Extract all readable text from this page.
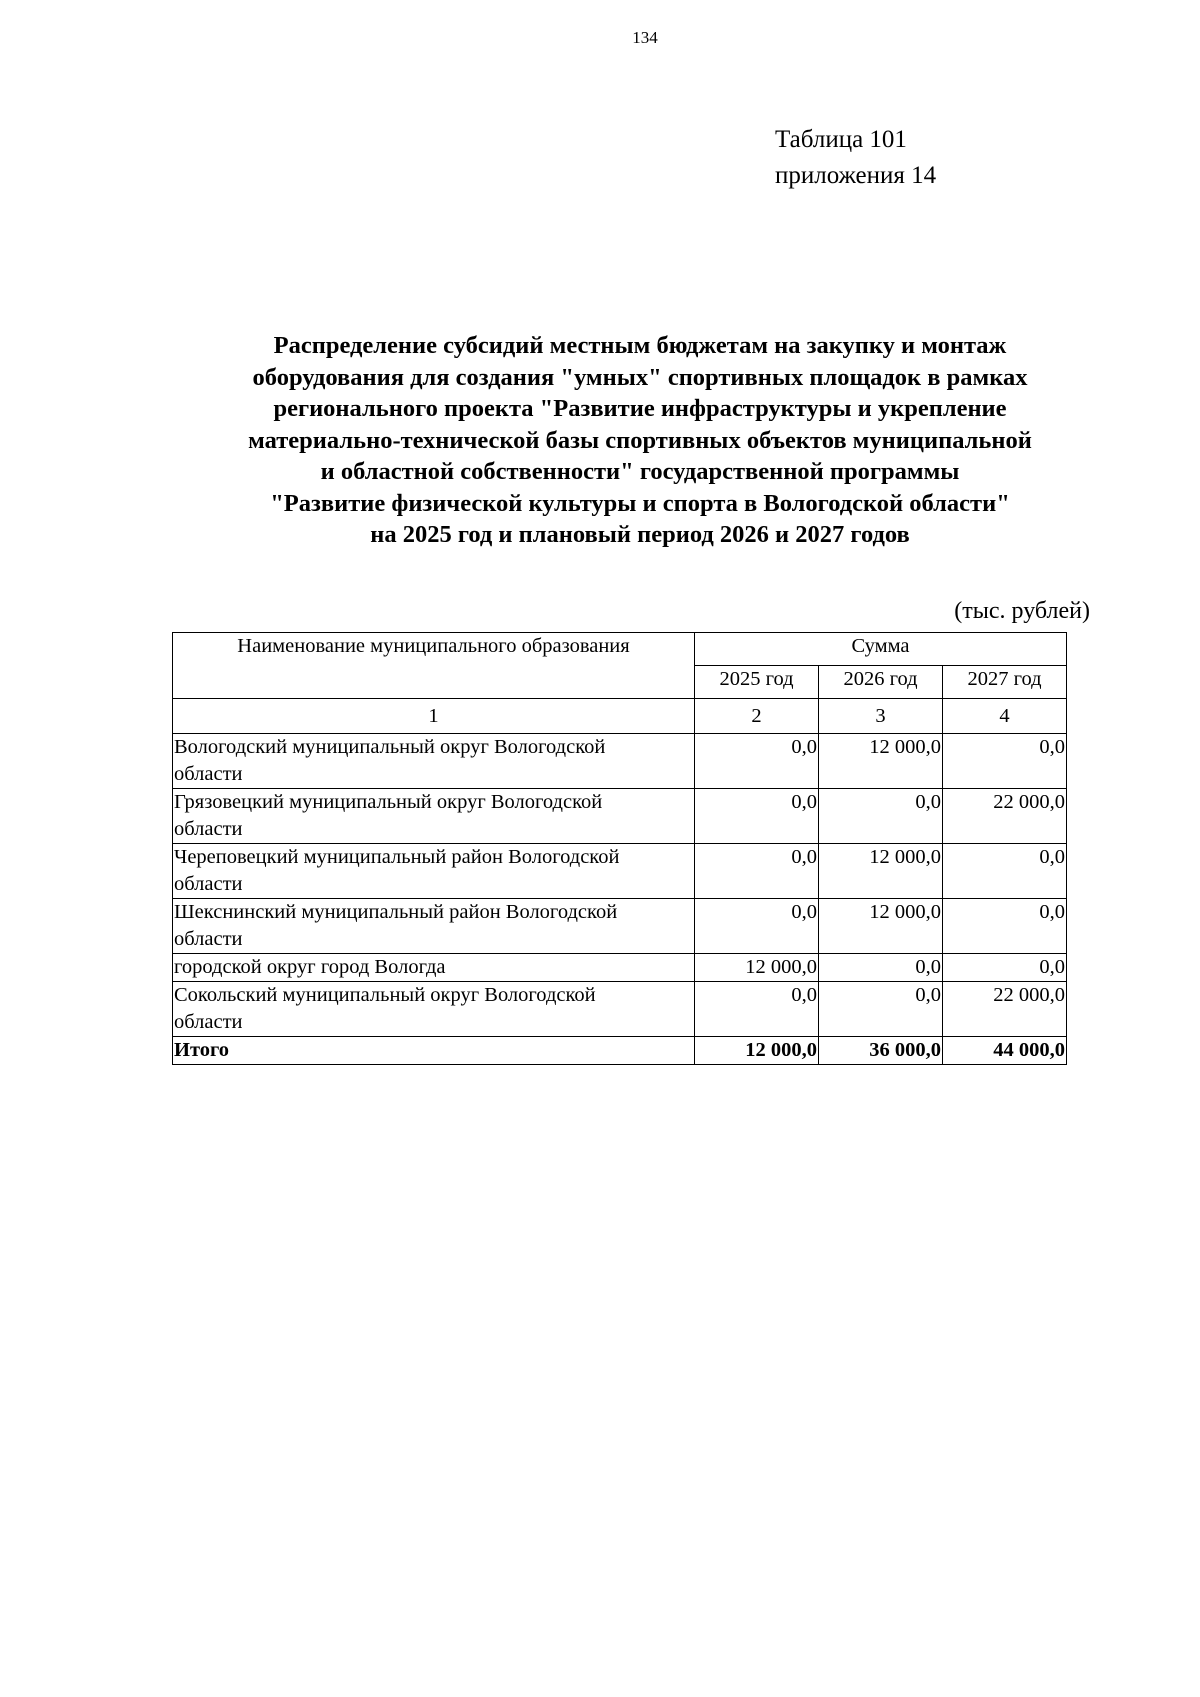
134
Таблица 101
приложения 14
Распределение субсидий местным бюджетам на закупку и монтаж
оборудования для создания "умных" спортивных площадок в рамках
регионального проекта "Развитие инфраструктуры и укрепление
материально-технической базы спортивных объектов муниципальной
и областной собственности" государственной программы
"Развитие физической культуры и спорта в Вологодской области"
на 2025 год и плановый период 2026 и 2027 годов
(тыс. рублей)
Наименование муниципального образования	Сумма		
	2025 год	2026 год	2027 год
1	2	3	4
Вологодский муниципальный округ Вологодской
области	0,0	12 000,0	0,0
Грязовецкий муниципальный округ Вологодской
области	0,0	0,0	22 000,0
Череповецкий муниципальный район Вологодской
области	0,0	12 000,0	0,0
Шекснинский муниципальный район Вологодской
области	0,0	12 000,0	0,0
городской округ город Вологда	12 000,0	0,0	0,0
Сокольский муниципальный округ Вологодской
области	0,0	0,0	22 000,0
Итого	12 000,0	36 000,0	44 000,0
